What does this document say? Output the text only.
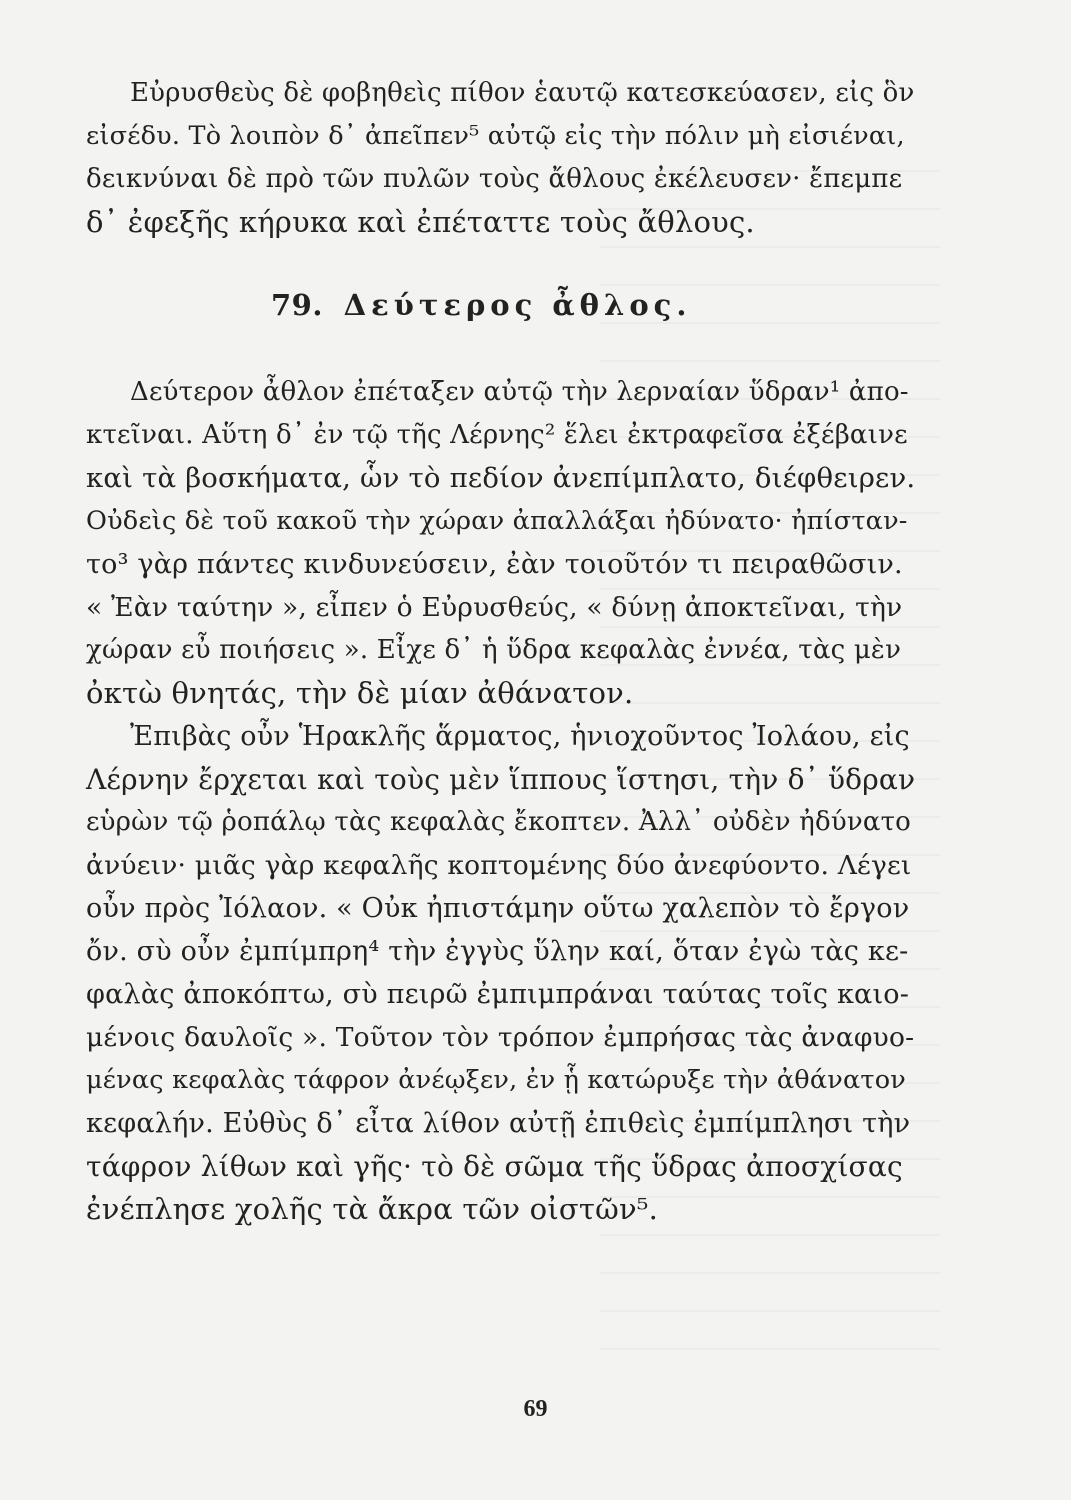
Εὐρυσθεὺς δὲ φοβηθεὶς πίθον ἑαυτῷ κατεσκεύασεν, εἰς ὃν
εἰσέδυ. Τὸ λοιπὸν δ᾽ ἀπεῖπεν⁵ αὐτῷ εἰς τὴν πόλιν μὴ εἰσιέναι,
δεικνύναι δὲ πρὸ τῶν πυλῶν τοὺς ἄθλους ἐκέλευσεν· ἔπεμπε
δ᾽ ἐφεξῆς κήρυκα καὶ ἐπέταττε τοὺς ἄθλους.
79. Δεύτερος ἆθλος.
Δεύτερον ἆθλον ἐπέταξεν αὐτῷ τὴν λερναίαν ὕδραν¹ ἀπο-
κτεῖναι. Αὕτη δ᾽ ἐν τῷ τῆς Λέρνης² ἕλει ἐκτραφεῖσα ἐξέβαινε
καὶ τὰ βοσκήματα, ὧν τὸ πεδίον ἀνεπίμπλατο, διέφθειρεν.
Οὐδεὶς δὲ τοῦ κακοῦ τὴν χώραν ἀπαλλάξαι ἠδύνατο· ἠπίσταν-
το³ γὰρ πάντες κινδυνεύσειν, ἐὰν τοιοῦτόν τι πειραθῶσιν.
« Ἐὰν ταύτην », εἶπεν ὁ Εὐρυσθεύς, « δύνῃ ἀποκτεῖναι, τὴν
χώραν εὖ ποιήσεις ». Εἶχε δ᾽ ἡ ὕδρα κεφαλὰς ἐννέα, τὰς μὲν
ὀκτὼ θνητάς, τὴν δὲ μίαν ἀθάνατον.
Ἐπιβὰς οὖν Ἡρακλῆς ἅρματος, ἡνιοχοῦντος Ἰολάου, εἰς
Λέρνην ἔρχεται καὶ τοὺς μὲν ἵππους ἵστησι, τὴν δ᾽ ὕδραν
εὑρὼν τῷ ῥοπάλῳ τὰς κεφαλὰς ἔκοπτεν. Ἀλλ᾽ οὐδὲν ἠδύνατο
ἀνύειν· μιᾶς γὰρ κεφαλῆς κοπτομένης δύο ἀνεφύοντο. Λέγει
οὖν πρὸς Ἰόλαον. « Οὐκ ἠπιστάμην οὕτω χαλεπὸν τὸ ἔργον
ὄν. σὺ οὖν ἐμπίμπρη⁴ τὴν ἐγγὺς ὕλην καί, ὅταν ἐγὼ τὰς κε-
φαλὰς ἀποκόπτω, σὺ πειρῶ ἐμπιμπράναι ταύτας τοῖς καιο-
μένοις δαυλοῖς ». Τοῦτον τὸν τρόπον ἐμπρήσας τὰς ἀναφυο-
μένας κεφαλὰς τάφρον ἀνέῳξεν, ἐν ᾗ κατώρυξε τὴν ἀθάνατον
κεφαλήν. Εὐθὺς δ᾽ εἶτα λίθον αὐτῇ ἐπιθεὶς ἐμπίμπλησι τὴν
τάφρον λίθων καὶ γῆς· τὸ δὲ σῶμα τῆς ὕδρας ἀποσχίσας
ἐνέπλησε χολῆς τὰ ἄκρα τῶν οἰστῶν⁵.
69
